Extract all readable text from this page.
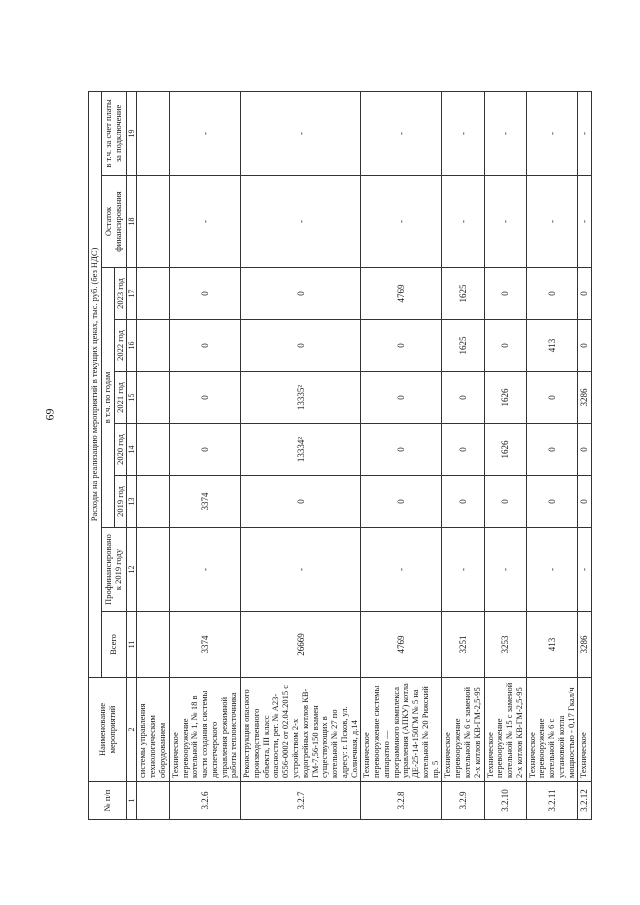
69
№ п/п	Наименование мероприятий	Расходы на реализацию мероприятий в текущих ценах, тыс. руб. (без НДС)								
		Всего	Профинансировано к 2019 году	в т.ч. по годам					Остаток финансирования	в т.ч. за счет платы за подключение
				2019 год	2020 год	2021 год	2022 год	2023 год		
1	2	11	12	13	14	15	16	17	18	19
	системы управления технологическим оборудованием									
3.2.6	Техническое перевооружение котельной № 1, № 18 в части создания системы диспетчерского управления режимной работы теплоисточника	3374	-	3374	0	0	0	0	-	-
3.2.7	Реконструкция опасного производственного объекта, III класс опасности, рег. № А23-0556-0002 от 02.04.2015 с устройством 2-х водогрейных котлов КВ-ГМ-7,56-150 взамен существующих в котельной № 27 по адресу: г. Псков, ул. Солнечная, д.14	26669	-	0	13334²	13335²	0	0	-	-
3.2.8	Техническое перевооружение системы аппаратно — программного комплекса управления (АПКУ) котла ДЕ-25-14-150ГМ № 5 на котельной № 20 Рижский пр. 5	4769	-	0	0	0	0	4769	-	-
3.2.9	Техническое перевооружение котельной № 6 с заменой 2-х котлов КВ-ГМ-2,5-95	3251	-	0	0	0	1625	1625	-	-
3.2.10	Техническое перевооружение котельной № 15 с заменой 2-х котлов КВ-ГМ-2,5-95	3253	-	0	1626	1626	0	0	-	-
3.2.11	Техническое перевооружение котельной № 6 с установкой котла мощностью - 0,17 Гкал/ч	413	-	0	0	0	413	0	-	-
3.2.12	Техническое	3286	-	0	0	3286	0	0	-	-
